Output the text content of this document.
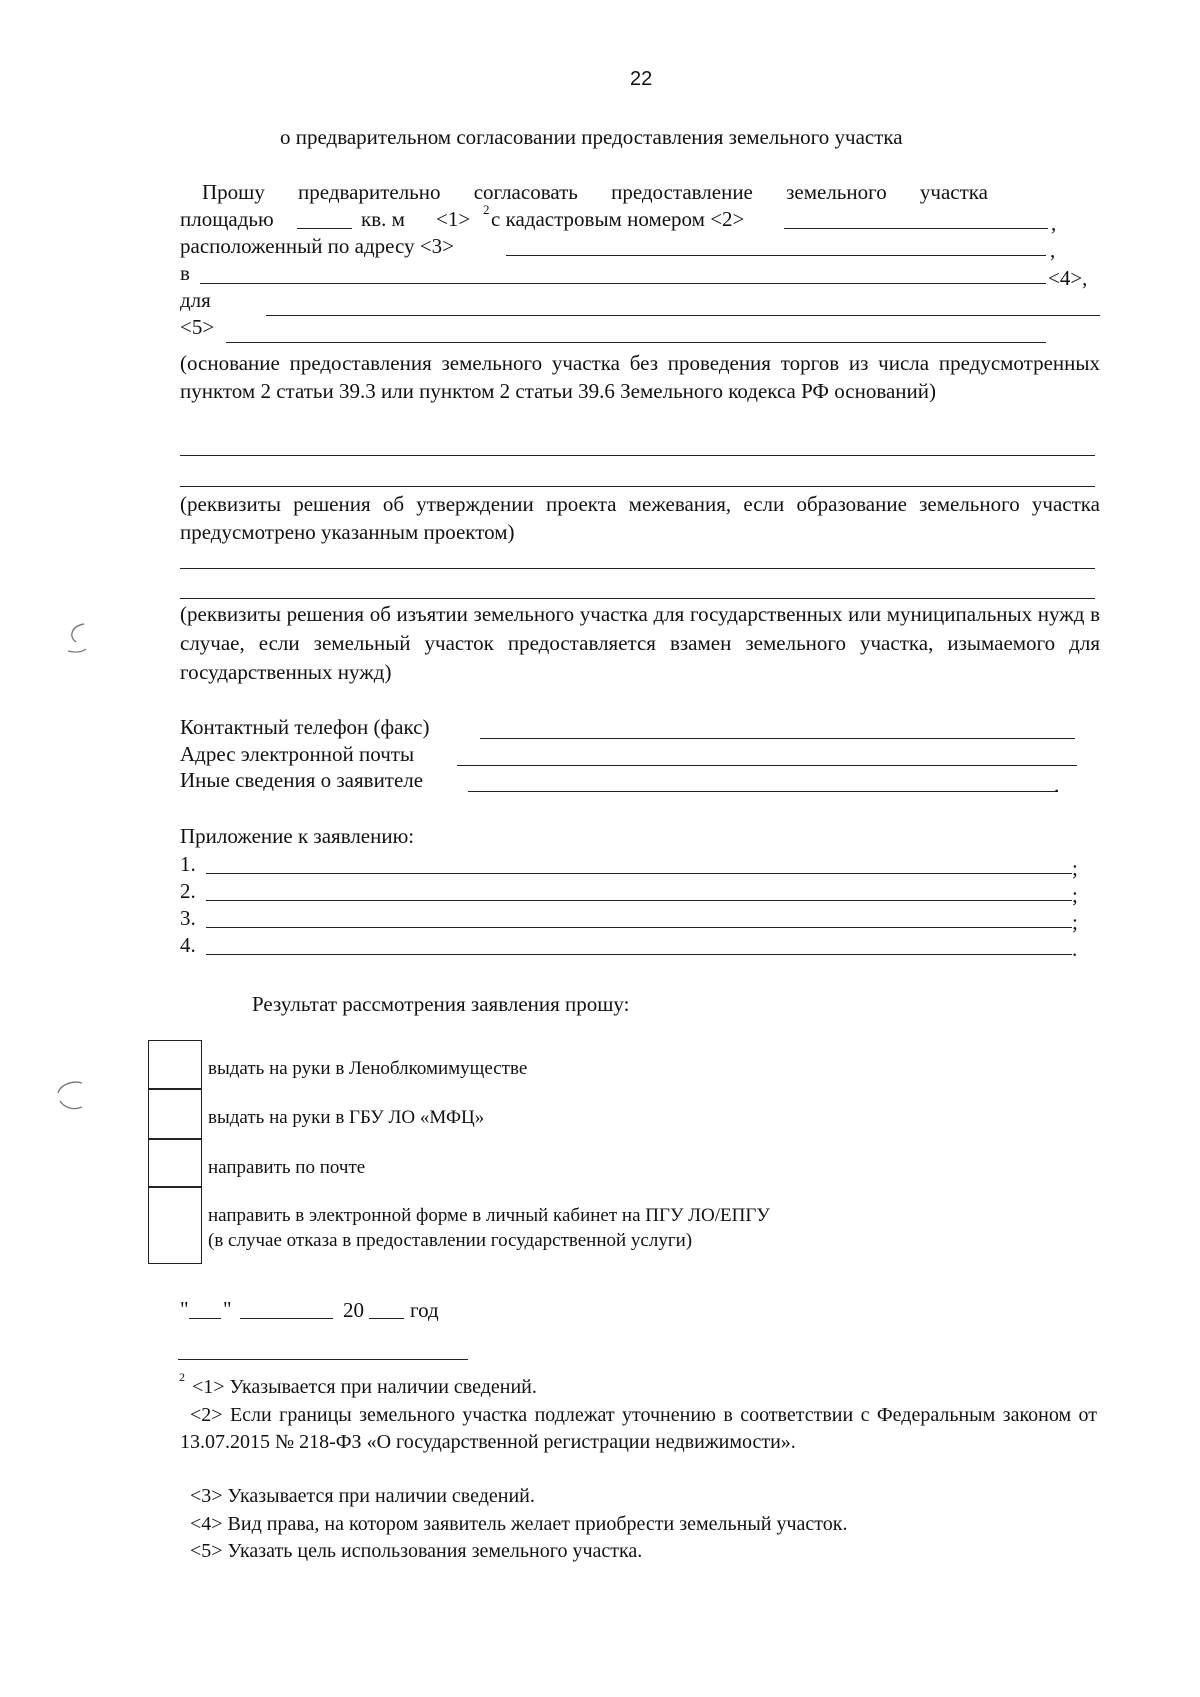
22
о предварительном согласовании предоставления земельного участка
Прошу предварительно согласовать предоставление земельного участка
площадью	кв. м <1> 2 с кадастровым номером <2>	,
расположенный по адресу <3>	,
в	<4>,
для
<5>
(основание предоставления земельного участка без проведения торгов из числа предусмотренных пунктом 2 статьи 39.3 или пунктом 2 статьи 39.6 Земельного кодекса РФ оснований)
(реквизиты решения об утверждении проекта межевания, если образование земельного участка предусмотрено указанным проектом)
(реквизиты решения об изъятии земельного участка для государственных или муниципальных нужд в случае, если земельный участок предоставляется взамен земельного участка, изымаемого для государственных нужд)
Контактный телефон (факс)
Адрес электронной почты
Иные сведения о заявителе	.
Приложение к заявлению:
1.	;
2.	;
3.	;
4.	.
Результат рассмотрения заявления прошу:
выдать на руки в Леноблкомимуществе
выдать на руки в ГБУ ЛО «МФЦ»
направить по почте
направить в электронной форме в личный кабинет на ПГУ ЛО/ЕПГУ
(в случае отказа в предоставлении государственной услуги)
" "	20 год
2 <1> Указывается при наличии сведений.
<2> Если границы земельного участка подлежат уточнению в соответствии с Федеральным законом от 13.07.2015 № 218-ФЗ «О государственной регистрации недвижимости».
<3> Указывается при наличии сведений.
<4> Вид права, на котором заявитель желает приобрести земельный участок.
<5> Указать цель использования земельного участка.
